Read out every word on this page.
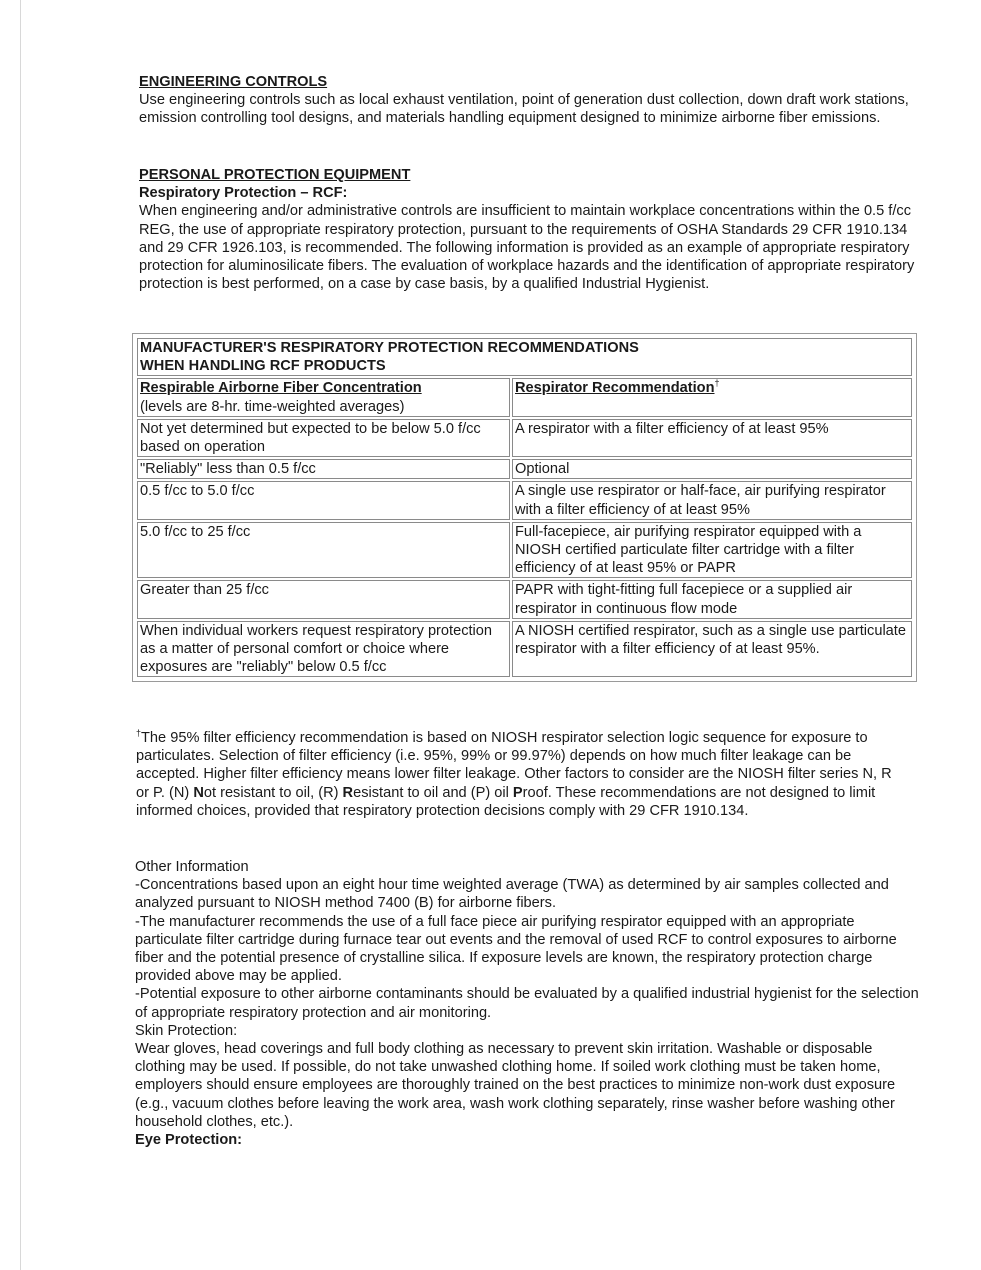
ENGINEERING CONTROLS

Use engineering controls such as local exhaust ventilation, point of generation dust collection, down draft work stations, emission controlling tool designs, and materials handling equipment designed to minimize airborne fiber emissions.

PERSONAL PROTECTION EQUIPMENT

Respiratory Protection – RCF:

When engineering and/or administrative controls are insufficient to maintain workplace concentrations within the 0.5 f/cc REG, the use of appropriate respiratory protection, pursuant to the requirements of OSHA Standards 29 CFR 1910.134 and 29 CFR 1926.103, is recommended. The following information is provided as an example of appropriate respiratory protection for aluminosilicate fibers. The evaluation of workplace hazards and the identification of appropriate respiratory protection is best performed, on a case by case basis, by a qualified Industrial Hygienist.

MANUFACTURER'S RESPIRATORY PROTECTION RECOMMENDATIONS
WHEN HANDLING RCF PRODUCTS	

Respirable Airborne Fiber Concentration
(levels are 8-hr. time-weighted averages)	Respirator Recommendation†
Not yet determined but expected to be below 5.0 f/cc based on operation	A respirator with a filter efficiency of at least 95%
"Reliably" less than 0.5 f/cc	Optional
0.5 f/cc to 5.0 f/cc	A single use respirator or half-face, air purifying respirator with a filter efficiency of at least 95%
5.0 f/cc to 25 f/cc	Full-facepiece, air purifying respirator equipped with a NIOSH certified particulate filter cartridge with a filter efficiency of at least 95% or PAPR
Greater than 25 f/cc	PAPR with tight-fitting full facepiece or a supplied air respirator in continuous flow mode
When individual workers request respiratory protection as a matter of personal comfort or choice where exposures are "reliably" below 0.5 f/cc	A NIOSH certified respirator, such as a single use particulate respirator with a filter efficiency of at least 95%.

†The 95% filter efficiency recommendation is based on NIOSH respirator selection logic sequence for exposure to particulates. Selection of filter efficiency (i.e. 95%, 99% or 99.97%) depends on how much filter leakage can be accepted. Higher filter efficiency means lower filter leakage. Other factors to consider are the NIOSH filter series N, R or P. (N) Not resistant to oil, (R) Resistant to oil and (P) oil Proof. These recommendations are not designed to limit informed choices, provided that respiratory protection decisions comply with 29 CFR 1910.134.

Other Information

-Concentrations based upon an eight hour time weighted average (TWA) as determined by air samples collected and analyzed pursuant to NIOSH method 7400 (B) for airborne fibers.

-The manufacturer recommends the use of a full face piece air purifying respirator equipped with an appropriate particulate filter cartridge during furnace tear out events and the removal of used RCF to control exposures to airborne fiber and the potential presence of crystalline silica. If exposure levels are known, the respiratory protection charge provided above may be applied.

-Potential exposure to other airborne contaminants should be evaluated by a qualified industrial hygienist for the selection of appropriate respiratory protection and air monitoring.

Skin Protection:

Wear gloves, head coverings and full body clothing as necessary to prevent skin irritation. Washable or disposable clothing may be used. If possible, do not take unwashed clothing home. If soiled work clothing must be taken home, employers should ensure employees are thoroughly trained on the best practices to minimize non-work dust exposure (e.g., vacuum clothes before leaving the work area, wash work clothing separately, rinse washer before washing other household clothes, etc.).

Eye Protection:
